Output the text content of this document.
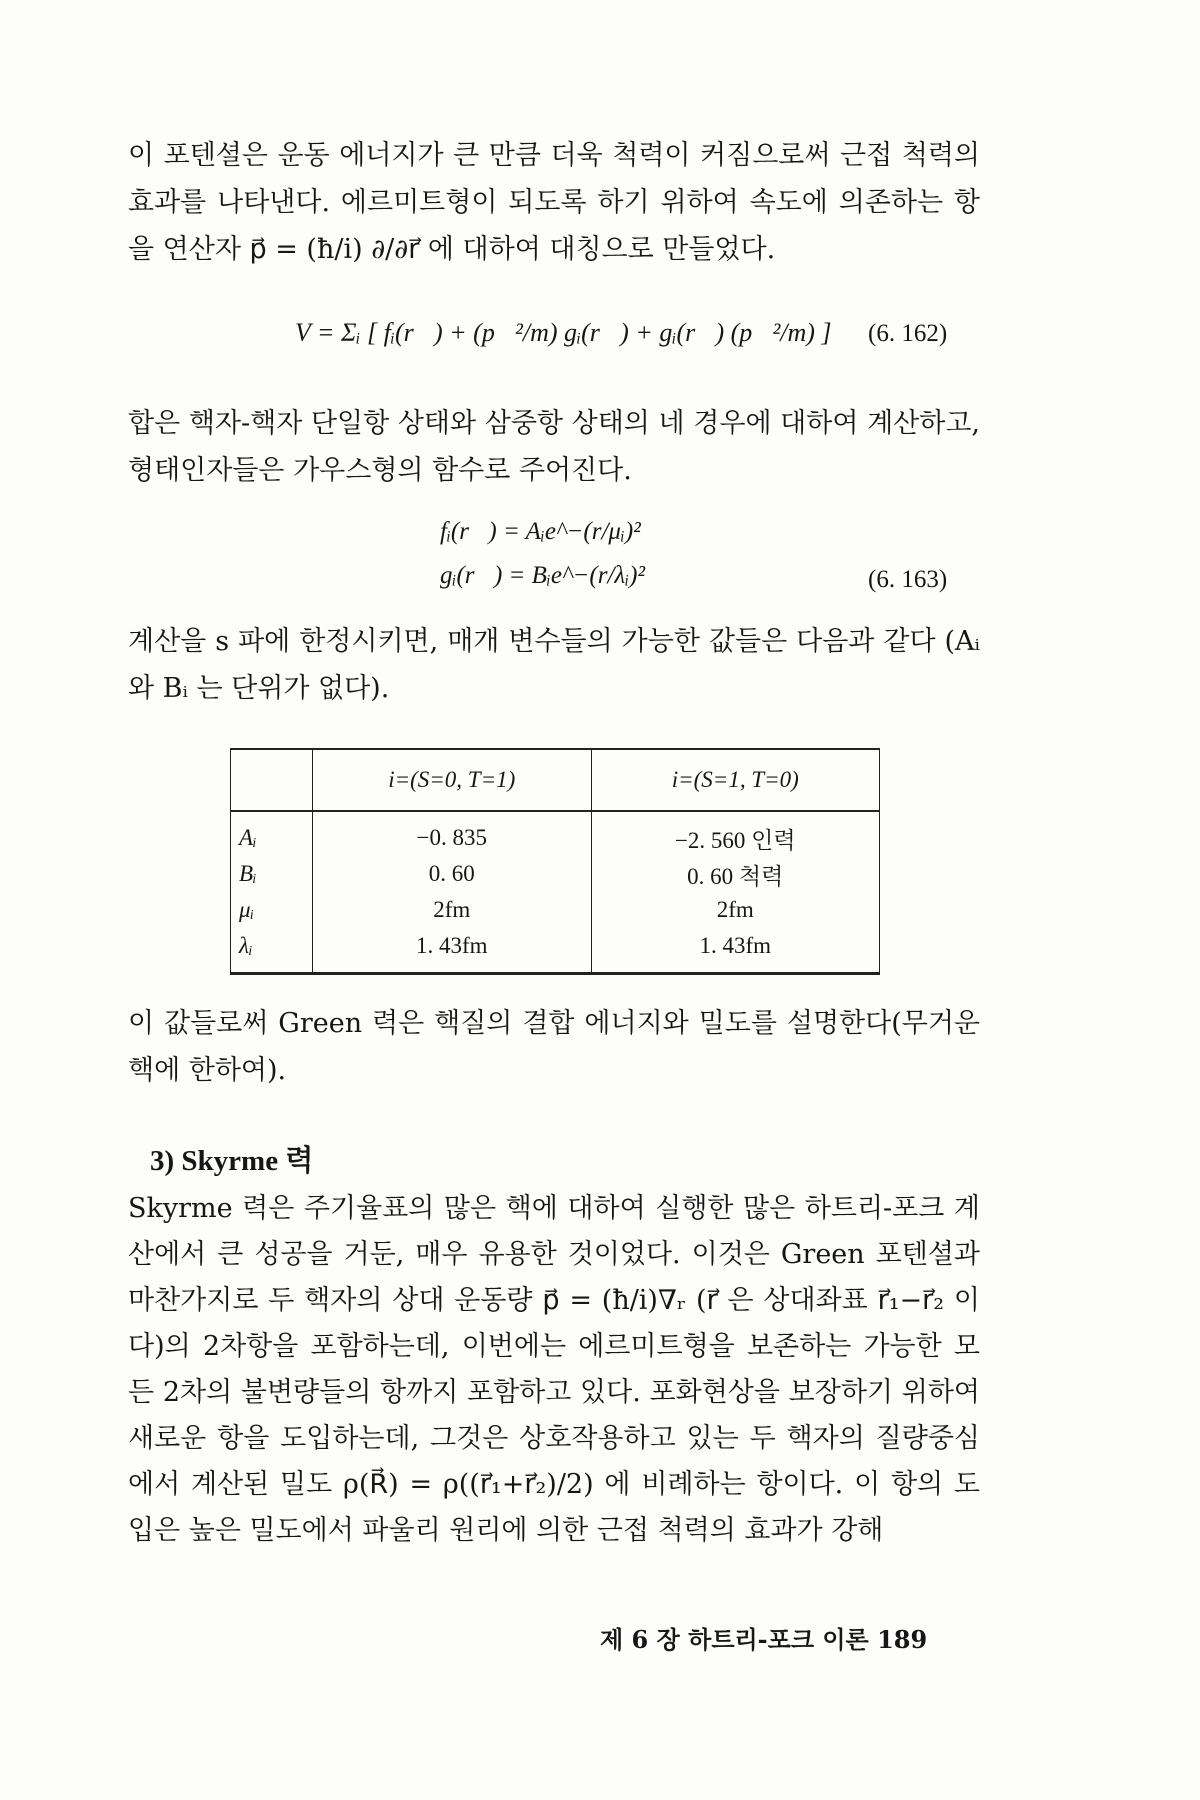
이 포텐셜은 운동 에너지가 큰 만큼 더욱 척력이 커짐으로써 근접 척력의 효과를 나타낸다. 에르미트형이 되도록 하기 위하여 속도에 의존하는 항을 연산자 p⃗ = (ħ/i) ∂/∂r⃗ 에 대하여 대칭으로 만들었다.

V = Σᵢ [ fᵢ(r⃗) + (p⃗²/m) gᵢ(r⃗) + gᵢ(r⃗) (p⃗²/m) ] (6. 162)

합은 핵자-핵자 단일항 상태와 삼중항 상태의 네 경우에 대하여 계산하고, 형태인자들은 가우스형의 함수로 주어진다.

fᵢ(r⃗) = Aᵢe^−(r/μᵢ)²
gᵢ(r⃗) = Bᵢe^−(r/λᵢ)²	(6. 163)

계산을 s 파에 한정시키면, 매개 변수들의 가능한 값들은 다음과 같다 (Aᵢ 와 Bᵢ 는 단위가 없다).

	i=(S=0, T=1)	i=(S=1, T=0)
Aᵢ	−0. 835	−2. 560 인력
Bᵢ	0. 60	0. 60 척력
μᵢ	2fm	2fm
λᵢ	1. 43fm	1. 43fm

이 값들로써 Green 력은 핵질의 결합 에너지와 밀도를 설명한다(무거운 핵에 한하여).

3) Skyrme 력

Skyrme 력은 주기율표의 많은 핵에 대하여 실행한 많은 하트리-포크 계산에서 큰 성공을 거둔, 매우 유용한 것이었다. 이것은 Green 포텐셜과 마찬가지로 두 핵자의 상대 운동량 p⃗ = (ħ/i)∇ᵣ (r⃗ 은 상대좌표 r⃗₁−r⃗₂ 이다)의 2차항을 포함하는데, 이번에는 에르미트형을 보존하는 가능한 모든 2차의 불변량들의 항까지 포함하고 있다. 포화현상을 보장하기 위하여 새로운 항을 도입하는데, 그것은 상호작용하고 있는 두 핵자의 질량중심에서 계산된 밀도 ρ(R⃗) = ρ((r⃗₁+r⃗₂)/2) 에 비례하는 항이다. 이 항의 도입은 높은 밀도에서 파울리 원리에 의한 근접 척력의 효과가 강해

제 6 장 하트리-포크 이론 189
